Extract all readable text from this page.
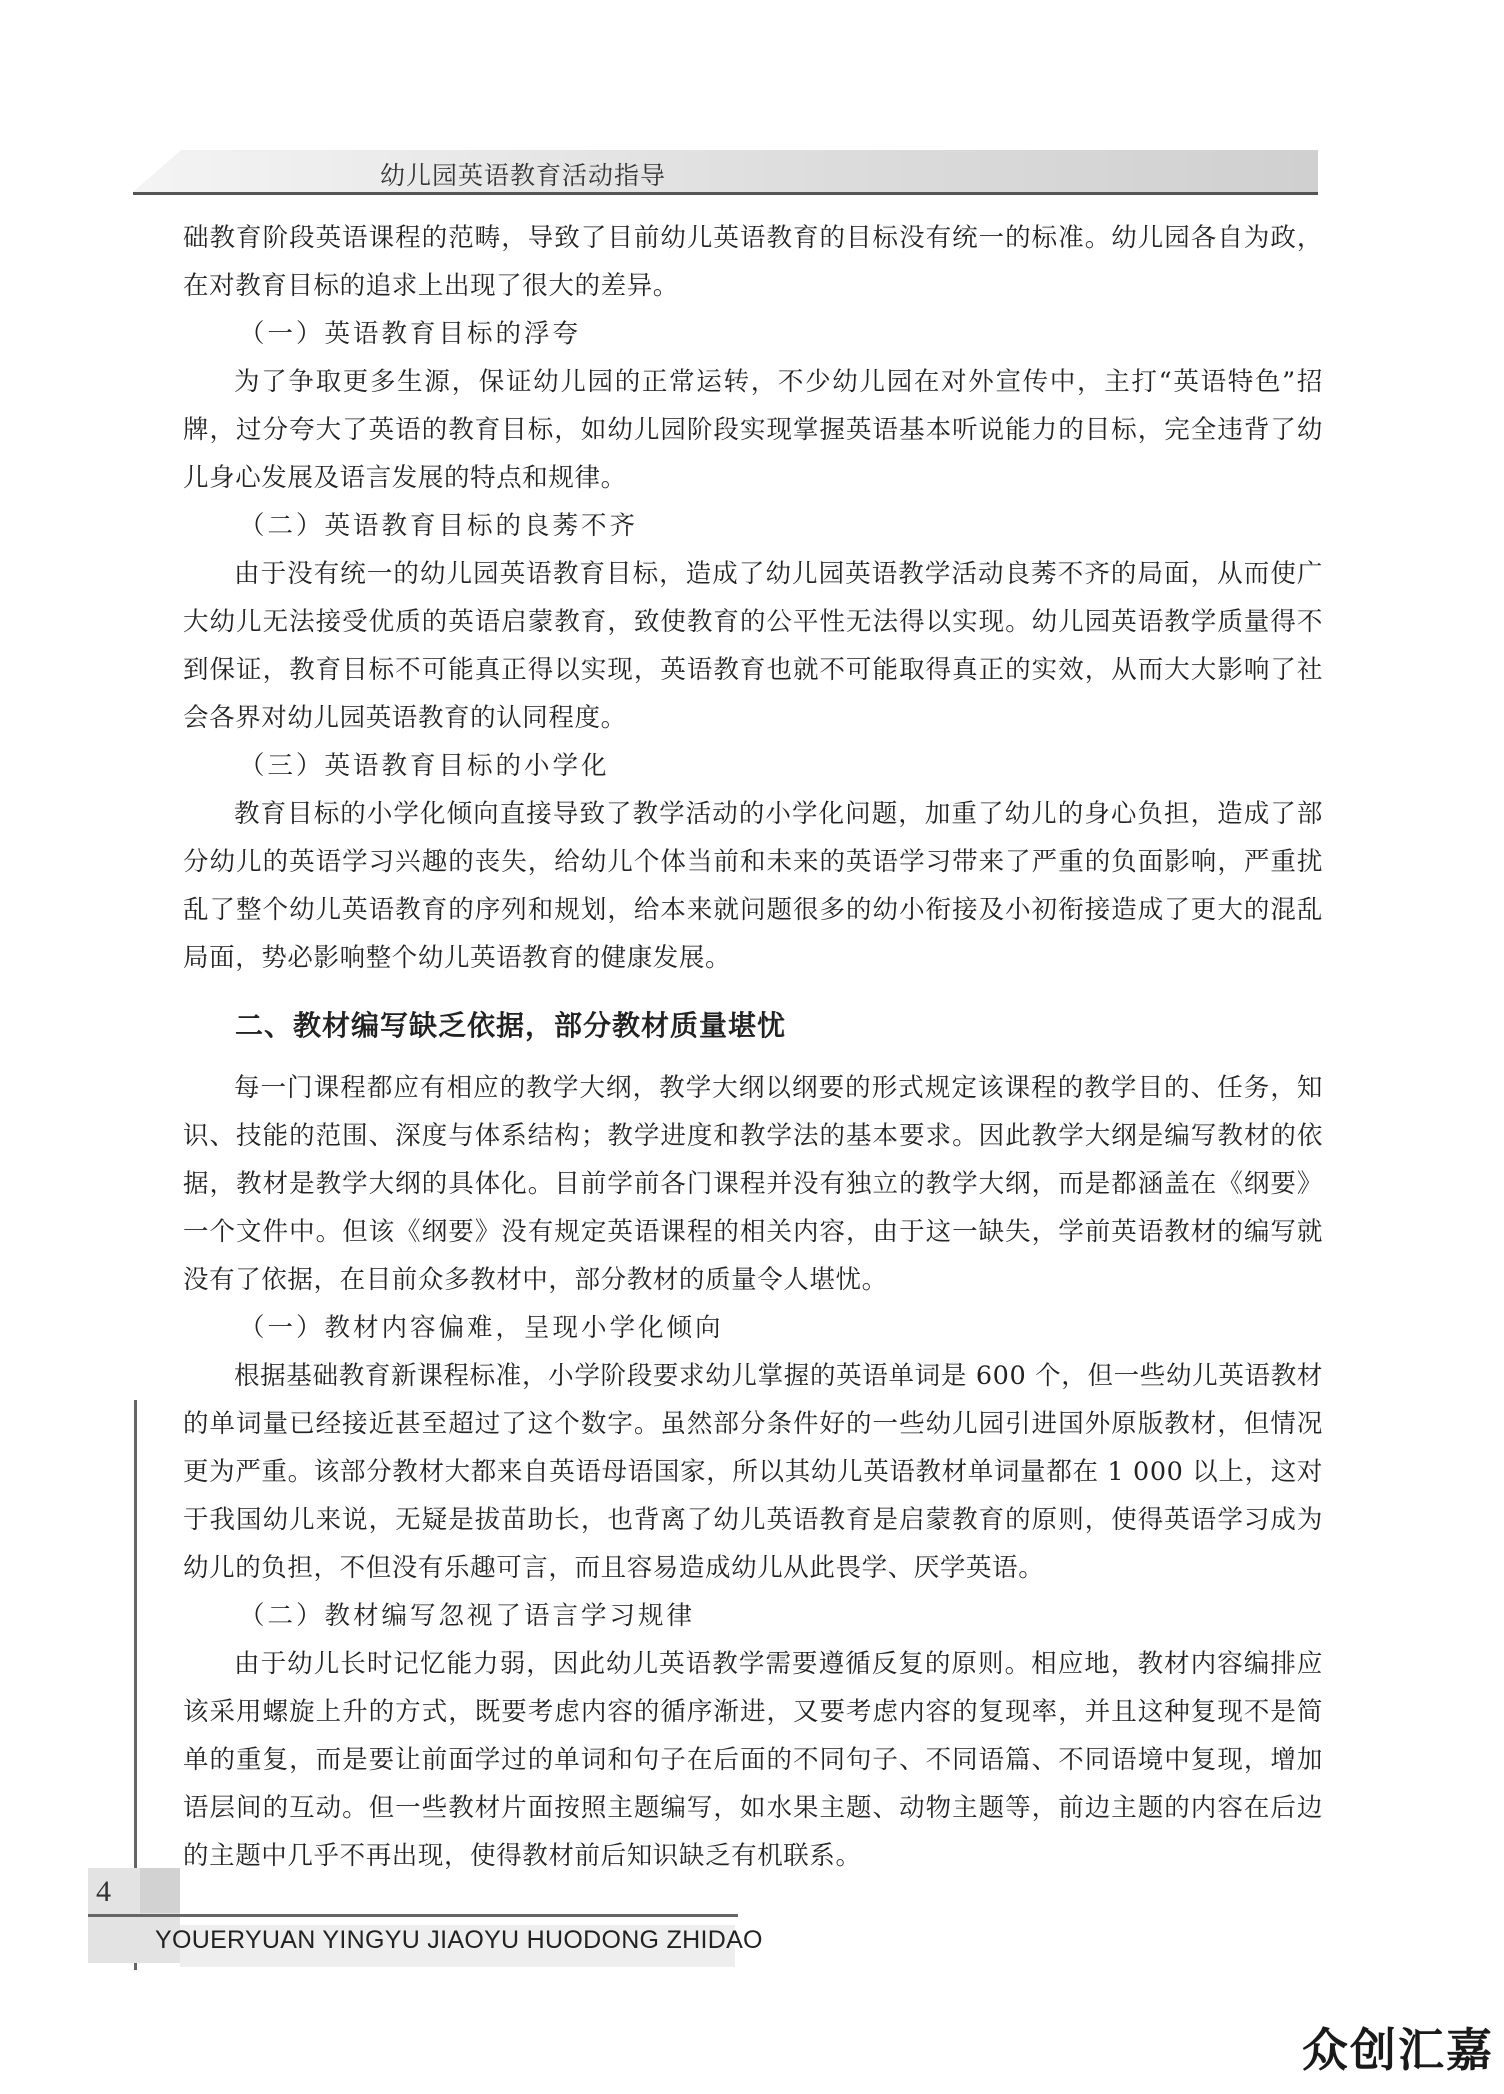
幼儿园英语教育活动指导

础教育阶段英语课程的范畴，导致了目前幼儿英语教育的目标没有统一的标准。幼儿园各自为政，在对教育目标的追求上出现了很大的差异。

（一）英语教育目标的浮夸

为了争取更多生源，保证幼儿园的正常运转，不少幼儿园在对外宣传中，主打“英语特色”招牌，过分夸大了英语的教育目标，如幼儿园阶段实现掌握英语基本听说能力的目标，完全违背了幼儿身心发展及语言发展的特点和规律。

（二）英语教育目标的良莠不齐

由于没有统一的幼儿园英语教育目标，造成了幼儿园英语教学活动良莠不齐的局面，从而使广大幼儿无法接受优质的英语启蒙教育，致使教育的公平性无法得以实现。幼儿园英语教学质量得不到保证，教育目标不可能真正得以实现，英语教育也就不可能取得真正的实效，从而大大影响了社会各界对幼儿园英语教育的认同程度。

（三）英语教育目标的小学化

教育目标的小学化倾向直接导致了教学活动的小学化问题，加重了幼儿的身心负担，造成了部分幼儿的英语学习兴趣的丧失，给幼儿个体当前和未来的英语学习带来了严重的负面影响，严重扰乱了整个幼儿英语教育的序列和规划，给本来就问题很多的幼小衔接及小初衔接造成了更大的混乱局面，势必影响整个幼儿英语教育的健康发展。

二、教材编写缺乏依据，部分教材质量堪忧

每一门课程都应有相应的教学大纲，教学大纲以纲要的形式规定该课程的教学目的、任务，知识、技能的范围、深度与体系结构；教学进度和教学法的基本要求。因此教学大纲是编写教材的依据，教材是教学大纲的具体化。目前学前各门课程并没有独立的教学大纲，而是都涵盖在《纲要》一个文件中。但该《纲要》没有规定英语课程的相关内容，由于这一缺失，学前英语教材的编写就没有了依据，在目前众多教材中，部分教材的质量令人堪忧。

（一）教材内容偏难，呈现小学化倾向

根据基础教育新课程标准，小学阶段要求幼儿掌握的英语单词是 600 个，但一些幼儿英语教材的单词量已经接近甚至超过了这个数字。虽然部分条件好的一些幼儿园引进国外原版教材，但情况更为严重。该部分教材大都来自英语母语国家，所以其幼儿英语教材单词量都在 1 000 以上，这对于我国幼儿来说，无疑是拔苗助长，也背离了幼儿英语教育是启蒙教育的原则，使得英语学习成为幼儿的负担，不但没有乐趣可言，而且容易造成幼儿从此畏学、厌学英语。

（二）教材编写忽视了语言学习规律

由于幼儿长时记忆能力弱，因此幼儿英语教学需要遵循反复的原则。相应地，教材内容编排应该采用螺旋上升的方式，既要考虑内容的循序渐进，又要考虑内容的复现率，并且这种复现不是简单的重复，而是要让前面学过的单词和句子在后面的不同句子、不同语篇、不同语境中复现，增加语层间的互动。但一些教材片面按照主题编写，如水果主题、动物主题等，前边主题的内容在后边的主题中几乎不再出现，使得教材前后知识缺乏有机联系。

4
YOUERYUAN YINGYU JIAOYU HUODONG ZHIDAO
众创汇嘉
